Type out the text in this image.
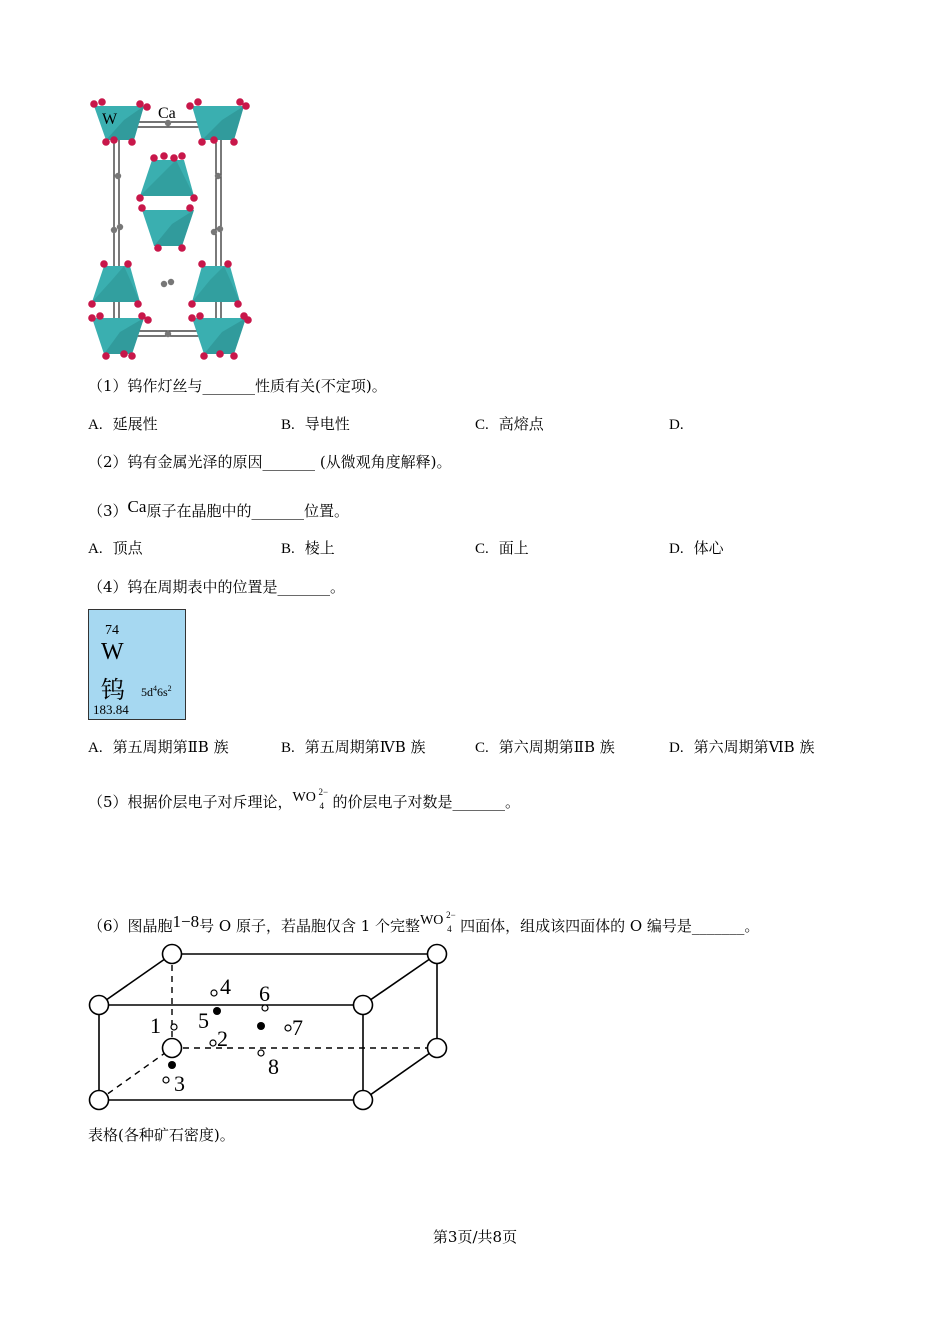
W	Ca
（1）钨作灯丝与_______性质有关(不定项)。
A. 延展性	B. 导电性	C. 高熔点	D.
（2）钨有金属光泽的原因_______ (从微观角度解释)。
（3）Ca原子在晶胞中的_______位置。
A. 顶点	B. 棱上	C. 面上	D. 体心
（4）钨在周期表中的位置是_______。
74
W
钨 $5d^46s^2$
183.84
A. 第五周期第ⅡB 族	B. 第五周期第ⅣB 族	C. 第六周期第ⅡB 族	D. 第六周期第ⅥB 族
（5）根据价层电子对斥理论，WO 2−
4 的价层电子对数是_______。
（6）图晶胞1−8号 O 原子，若晶胞仅含 1 个完整WO 2−
4 四面体，组成该四面体的 O 编号是_______。
1
2
3
4
5
6
7
8
表格(各种矿石密度)。
第3页/共8页
